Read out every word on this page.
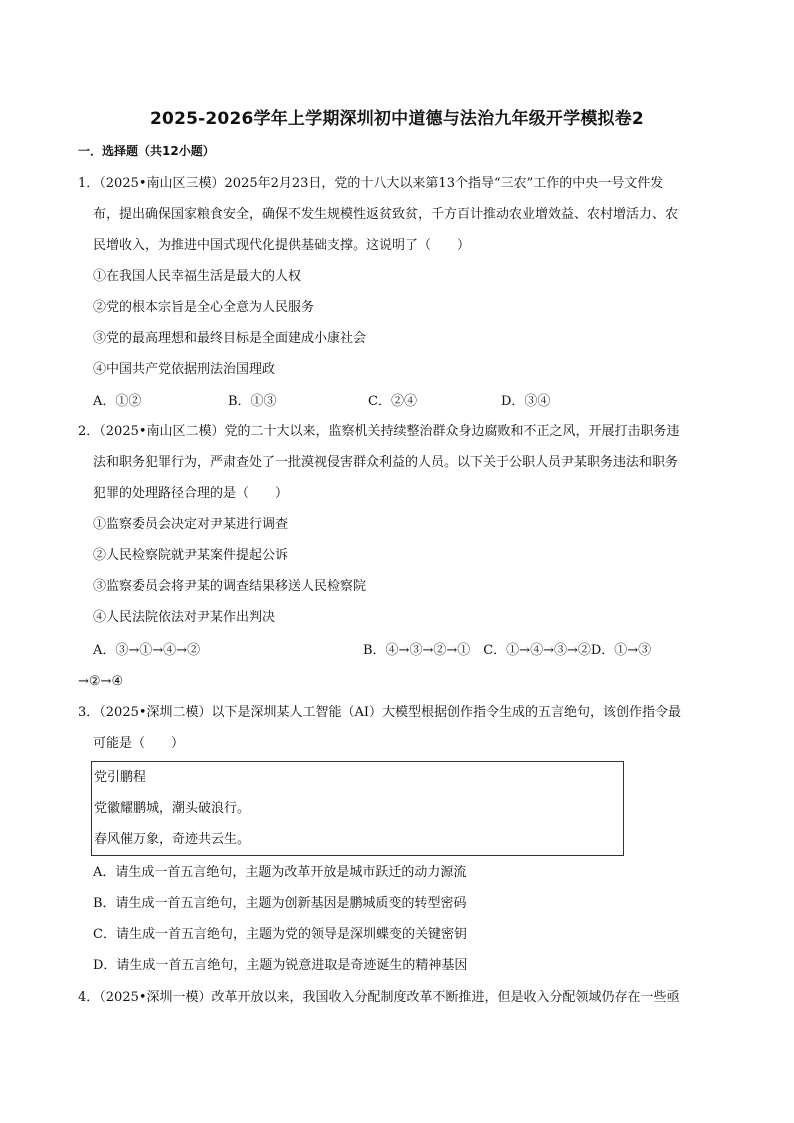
2025-2026学年上学期深圳初中道德与法治九年级开学模拟卷2
一．选择题（共12小题）
1．（2025•南山区三模）2025年2月23日，党的十八大以来第13个指导“三农”工作的中央一号文件发
布，提出确保国家粮食安全，确保不发生规模性返贫致贫，千方百计推动农业增效益、农村增活力、农
民增收入，为推进中国式现代化提供基础支撑。这说明了（　　）
①在我国人民幸福生活是最大的人权
②党的根本宗旨是全心全意为人民服务
③党的最高理想和最终目标是全面建成小康社会
④中国共产党依据刑法治国理政
A．①②	B．①③	C．②④	D．③④
2．（2025•南山区二模）党的二十大以来，监察机关持续整治群众身边腐败和不正之风，开展打击职务违
法和职务犯罪行为，严肃查处了一批漠视侵害群众利益的人员。以下关于公职人员尹某职务违法和职务
犯罪的处理路径合理的是（　　）
①监察委员会决定对尹某进行调查
②人民检察院就尹某案件提起公诉
③监察委员会将尹某的调查结果移送人民检察院
④人民法院依法对尹某作出判决
A．③→①→④→②	B．④→③→②→①　C．①→④→③→②D．①→③
→②→④
3．（2025•深圳二模）以下是深圳某人工智能（AI）大模型根据创作指令生成的五言绝句，该创作指令最
可能是（　　）
党引鹏程
党徽耀鹏城，潮头破浪行。
春风催万象，奇迹共云生。
A．请生成一首五言绝句，主题为改革开放是城市跃迁的动力源流
B．请生成一首五言绝句，主题为创新基因是鹏城质变的转型密码
C．请生成一首五言绝句，主题为党的领导是深圳蝶变的关键密钥
D．请生成一首五言绝句，主题为锐意进取是奇迹诞生的精神基因
4．（2025•深圳一模）改革开放以来，我国收入分配制度改革不断推进，但是收入分配领域仍存在一些亟
